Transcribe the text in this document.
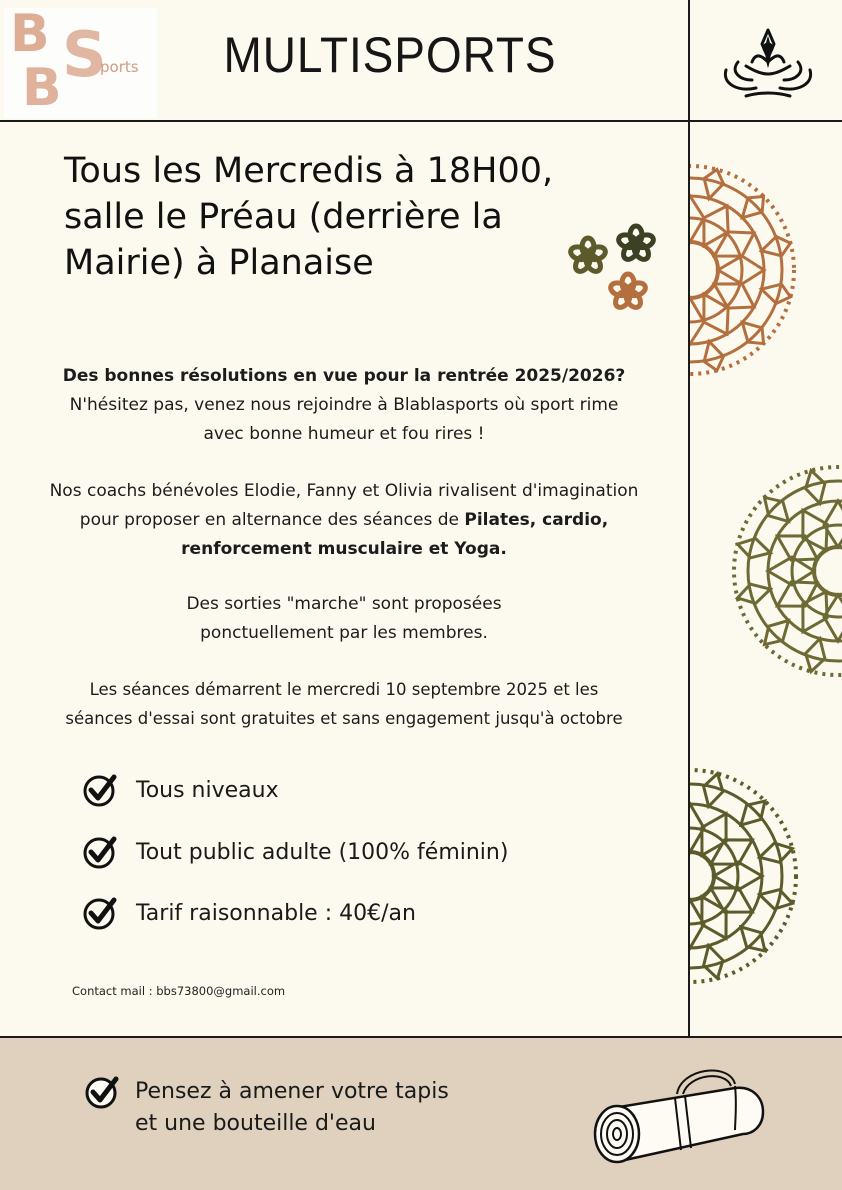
B
B S
ports	MULTISPORTS
Tous les Mercredis à 18H00,
salle le Préau (derrière la
Mairie) à Planaise
Des bonnes résolutions en vue pour la rentrée 2025/2026?
N'hésitez pas, venez nous rejoindre à Blablasports où sport rime
avec bonne humeur et fou rires !
Nos coachs bénévoles Elodie, Fanny et Olivia rivalisent d'imagination
pour proposer en alternance des séances de Pilates, cardio,
renforcement musculaire et Yoga.
Des sorties "marche" sont proposées
ponctuellement par les membres.
Les séances démarrent le mercredi 10 septembre 2025 et les
séances d'essai sont gratuites et sans engagement jusqu'à octobre
Tous niveaux
Tout public adulte (100% féminin)
Tarif raisonnable : 40€/an
Contact mail : bbs73800@gmail.com
Pensez à amener votre tapis
et une bouteille d'eau
